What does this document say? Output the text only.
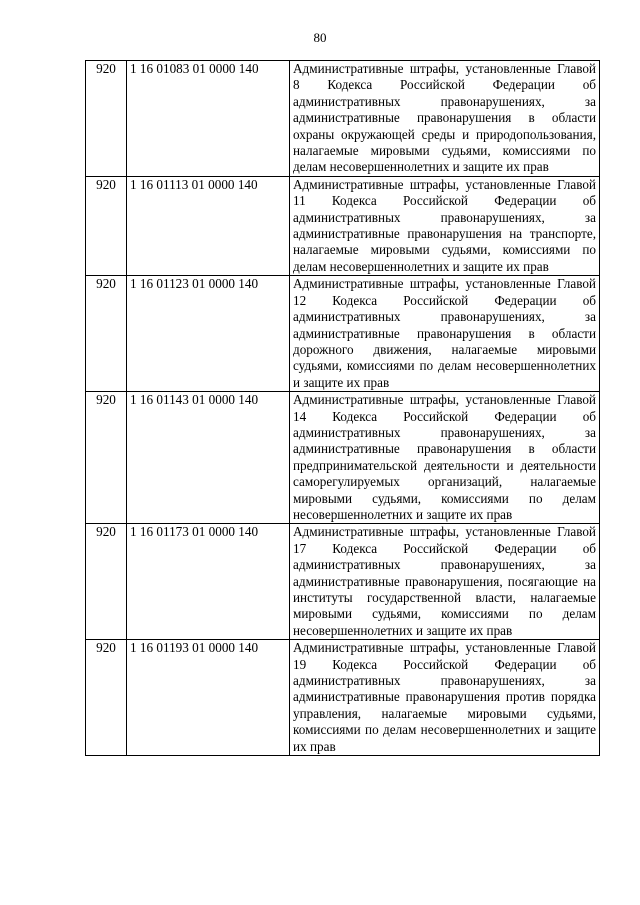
80
920	1 16 01083 01 0000 140	Административные штрафы, установленные Главой 8 Кодекса Российской Федерации об административных правонарушениях, за административные правонарушения в области охраны окружающей среды и природопользования, налагаемые мировыми судьями, комиссиями по делам несовершеннолетних и защите их прав

920	1 16 01113 01 0000 140	Административные штрафы, установленные Главой 11 Кодекса Российской Федерации об административных правонарушениях, за административные правонарушения на транспорте, налагаемые мировыми судьями, комиссиями по делам несовершеннолетних и защите их прав

920	1 16 01123 01 0000 140	Административные штрафы, установленные Главой 12 Кодекса Российской Федерации об административных правонарушениях, за административные правонарушения в области дорожного движения, налагаемые мировыми судьями, комиссиями по делам несовершеннолетних и защите их прав

920	1 16 01143 01 0000 140	Административные штрафы, установленные Главой 14 Кодекса Российской Федерации об административных правонарушениях, за административные правонарушения в области предпринимательской деятельности и деятельности саморегулируемых организаций, налагаемые мировыми судьями, комиссиями по делам несовершеннолетних и защите их прав

920	1 16 01173 01 0000 140	Административные штрафы, установленные Главой 17 Кодекса Российской Федерации об административных правонарушениях, за административные правонарушения, посягающие на институты государственной власти, налагаемые мировыми судьями, комиссиями по делам несовершеннолетних и защите их прав

920	1 16 01193 01 0000 140	Административные штрафы, установленные Главой 19 Кодекса Российской Федерации об административных правонарушениях, за административные правонарушения против порядка управления, налагаемые мировыми судьями, комиссиями по делам несовершеннолетних и защите их прав
